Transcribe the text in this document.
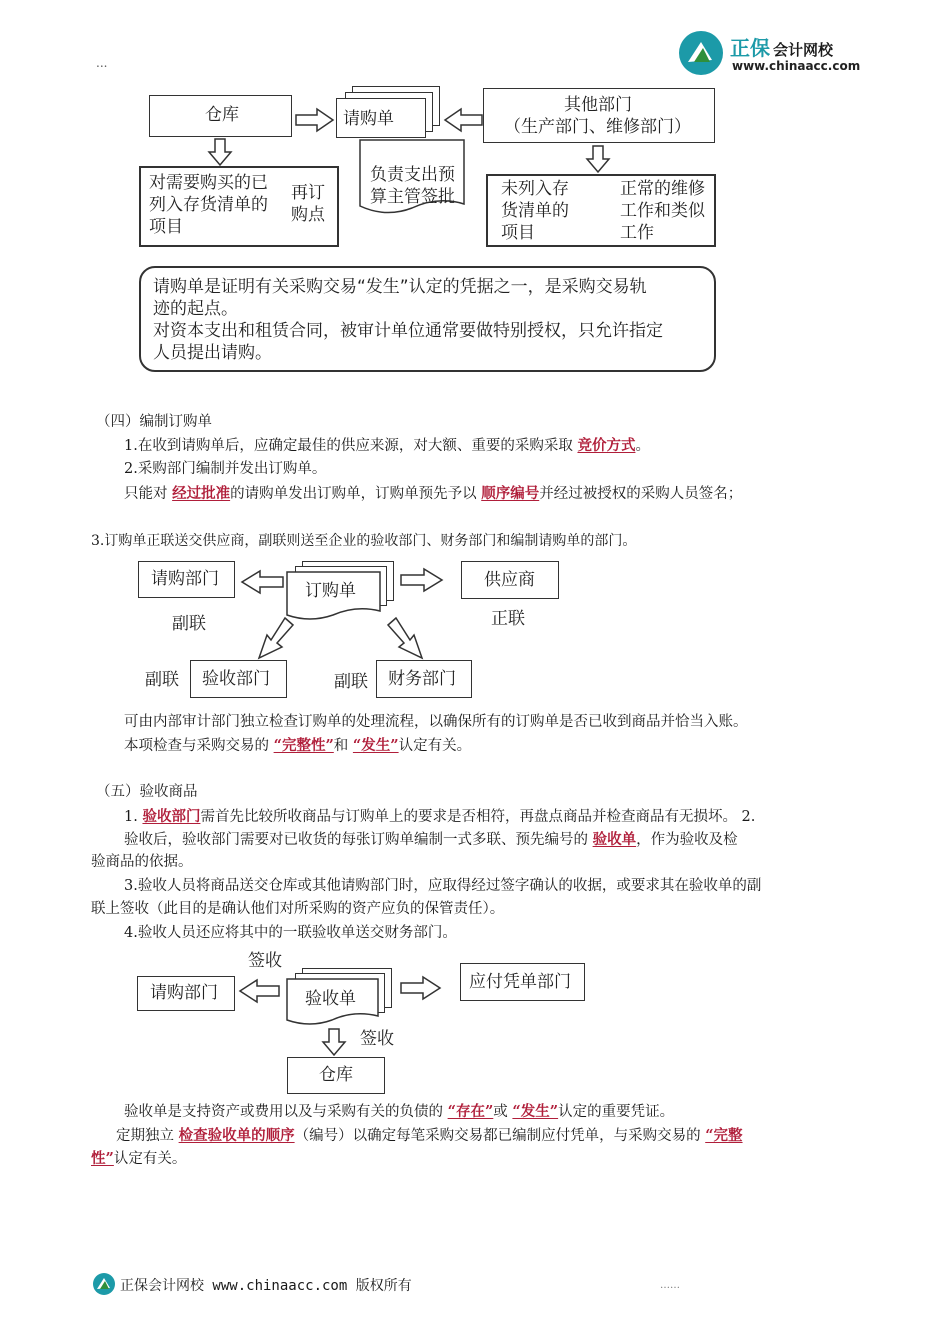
...
正保 会计网校
www.chinaacc.com
仓库	请购单
其他部门
（生产部门、维修部门）
负责支出预
算主管签批
对需要购买的已
列入存货清单的
项目
再订
购点
未列入存
货清单的
项目
正常的维修
工作和类似
工作
请购单是证明有关采购交易“发生”认定的凭据之一，是采购交易轨
迹的起点。
对资本支出和租赁合同，被审计单位通常要做特别授权，只允许指定
人员提出请购。
（四）编制订购单
1.在收到请购单后，应确定最佳的供应来源，对大额、重要的采购采取 竞价方式。
2.采购部门编制并发出订购单。
只能对 经过批准的请购单发出订购单，订购单预先予以 顺序编号并经过被授权的采购人员签名；
3.订购单正联送交供应商，副联则送至企业的验收部门、财务部门和编制请购单的部门。
请购部门
订购单
供应商
副联	正联
副联 验收部门	副联 财务部门
可由内部审计部门独立检查订购单的处理流程，以确保所有的订购单是否已收到商品并恰当入账。
本项检查与采购交易的 “完整性”和 “发生”认定有关。
（五）验收商品
1. 验收部门需首先比较所收商品与订购单上的要求是否相符，再盘点商品并检查商品有无损坏。 2.
验收后，验收部门需要对已收货的每张订购单编制一式多联、预先编号的 验收单，作为验收及检
验商品的依据。
3.验收人员将商品送交仓库或其他请购部门时，应取得经过签字确认的收据，或要求其在验收单的副
联上签收（此目的是确认他们对所采购的资产应负的保管责任）。
4.验收人员还应将其中的一联验收单送交财务部门。
签收
请购部门	验收单
应付凭单部门
签收
仓库
验收单是支持资产或费用以及与采购有关的负债的 “存在”或 “发生”认定的重要凭证。
定期独立 检查验收单的顺序（编号）以确定每笔采购交易都已编制应付凭单，与采购交易的 “完整
性”认定有关。
正保会计网校 www.chinaacc.com 版权所有	……
